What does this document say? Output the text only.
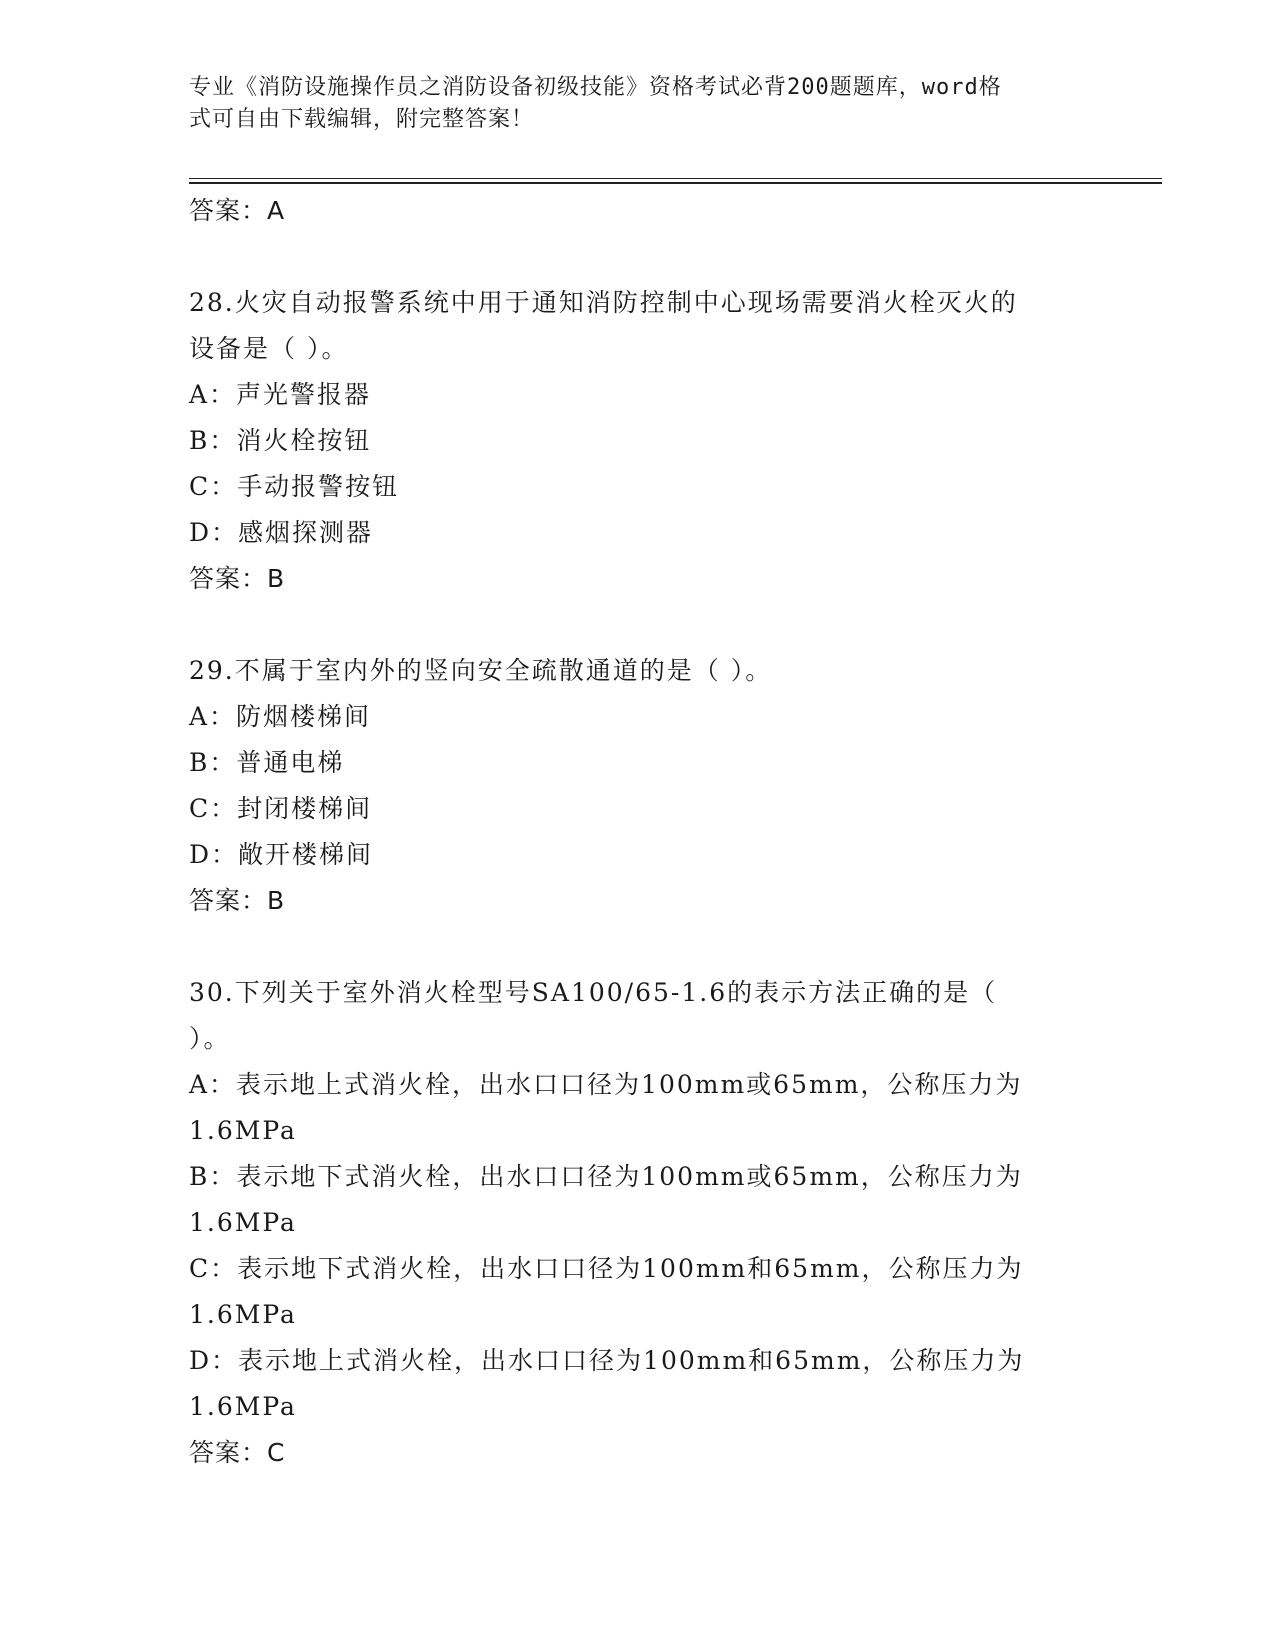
专业《消防设施操作员之消防设备初级技能》资格考试必背200题题库，word格
式可自由下载编辑，附完整答案！
答案：A
28.火灾自动报警系统中用于通知消防控制中心现场需要消火栓灭火的
设备是（ ）。
A：声光警报器
B：消火栓按钮
C：手动报警按钮
D：感烟探测器
答案：B
29.不属于室内外的竖向安全疏散通道的是（ ）。
A：防烟楼梯间
B：普通电梯
C：封闭楼梯间
D：敞开楼梯间
答案：B
30.下列关于室外消火栓型号SA100/65-1.6的表示方法正确的是（
）。
A：表示地上式消火栓，出水口口径为100mm或65mm，公称压力为
1.6MPa
B：表示地下式消火栓，出水口口径为100mm或65mm，公称压力为
1.6MPa
C：表示地下式消火栓，出水口口径为100mm和65mm，公称压力为
1.6MPa
D：表示地上式消火栓，出水口口径为100mm和65mm，公称压力为
1.6MPa
答案：C
